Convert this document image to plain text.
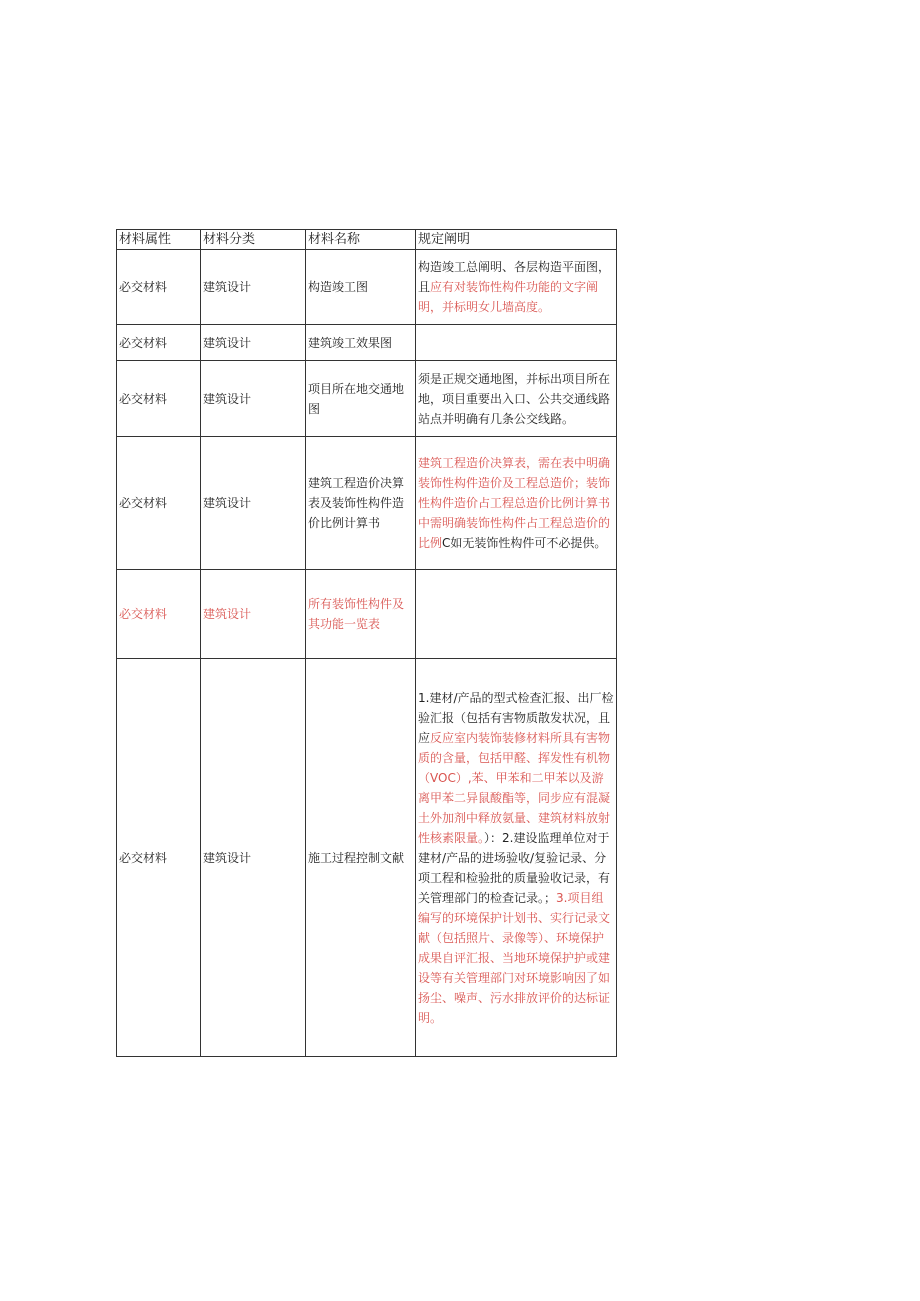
材料属性	材料分类	材料名称	规定阐明
必交材料	建筑设计	构造竣工图	构造竣工总阐明、各层构造平面图，且应有对装饰性构件功能的文字阐明，并标明女儿墙高度。
必交材料	建筑设计	建筑竣工效果图	
必交材料	建筑设计	项目所在地交通地图	须是正规交通地图，并标出项目所在地，项目重要出入口、公共交通线路站点并明确有几条公交线路。
必交材料	建筑设计	建筑工程造价决算表及装饰性构件造价比例计算书	建筑工程造价决算表，需在表中明确装饰性构件造价及工程总造价；装饰性构件造价占工程总造价比例计算书中需明确装饰性构件占工程总造价的比例C如无装饰性构件可不必提供。
必交材料	建筑设计	所有装饰性构件及其功能一览表	
必交材料	建筑设计	施工过程控制文献	1.建材/产品的型式检查汇报、出厂检验汇报（包括有害物质散发状况，且应反应室内装饰装修材料所具有害物质的含量，包括甲醛、挥发性有机物（VOC）,苯、甲苯和二甲苯以及游离甲苯二异鼠酸酯等，同步应有混凝土外加剂中释放氨量、建筑材料放射性核素限量。）：2.建设监理单位对于建材/产品的进场验收/复验记录、分项工程和检验批的质量验收记录，有关管理部门的检查记录。；3.项目组编写的环境保护计划书、实行记录文献（包括照片、录像等）、环境保护成果自评汇报、当地环境保护护或建设等有关管理部门对环境影响因了如扬尘、噪声、污水排放评价的达标证明。
